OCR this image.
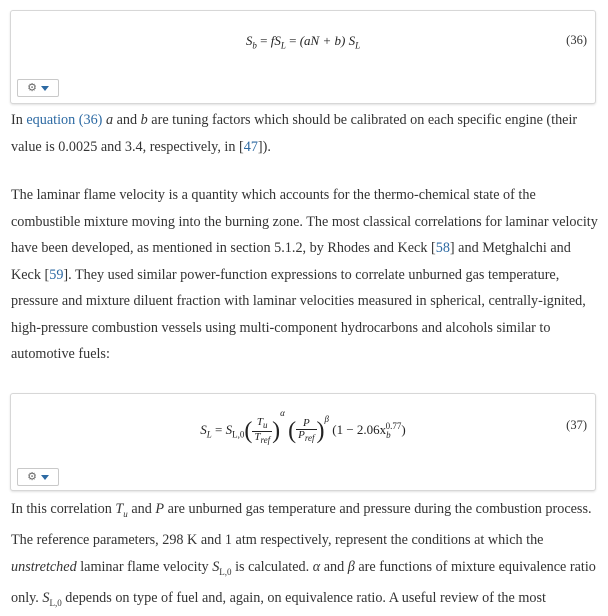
$S_b = fS_L = (aN + b)$ $S_L$	(36)
⚙

In equation (36) a and b are tuning factors which should be calibrated on each specific engine (their value is 0.0025 and 3.4, respectively, in [47]).

The laminar flame velocity is a quantity which accounts for the thermo-chemical state of the combustible mixture moving into the burning zone. The most classical correlations for laminar velocity have been developed, as mentioned in section 5.1.2, by Rhodes and Keck [58] and Metghalchi and Keck [59]. They used similar power-function expressions to correlate unburned gas temperature, pressure and mixture diluent fraction with laminar velocities measured in spherical, centrally-ignited, high-pressure combustion vessels using multi-component hydrocarbons and alcohols similar to automotive fuels:

$S_L = S_{L,0}( \frac{T_u}{T_{ref}} )^\alpha$ ( $\frac{P}{P_{ref}} )^\beta$ $(1 - 2.06x_b^{0.77})$	(37)
⚙

In this correlation $T_u$ and P are unburned gas temperature and pressure during the combustion process. The reference parameters, 298 K and 1 atm respectively, represent the conditions at which the unstretched laminar flame velocity $S_{L,0}$ is calculated. α and β are functions of mixture equivalence ratio only. $S_{L,0}$ depends on type of fuel and, again, on equivalence ratio. A useful review of the most
